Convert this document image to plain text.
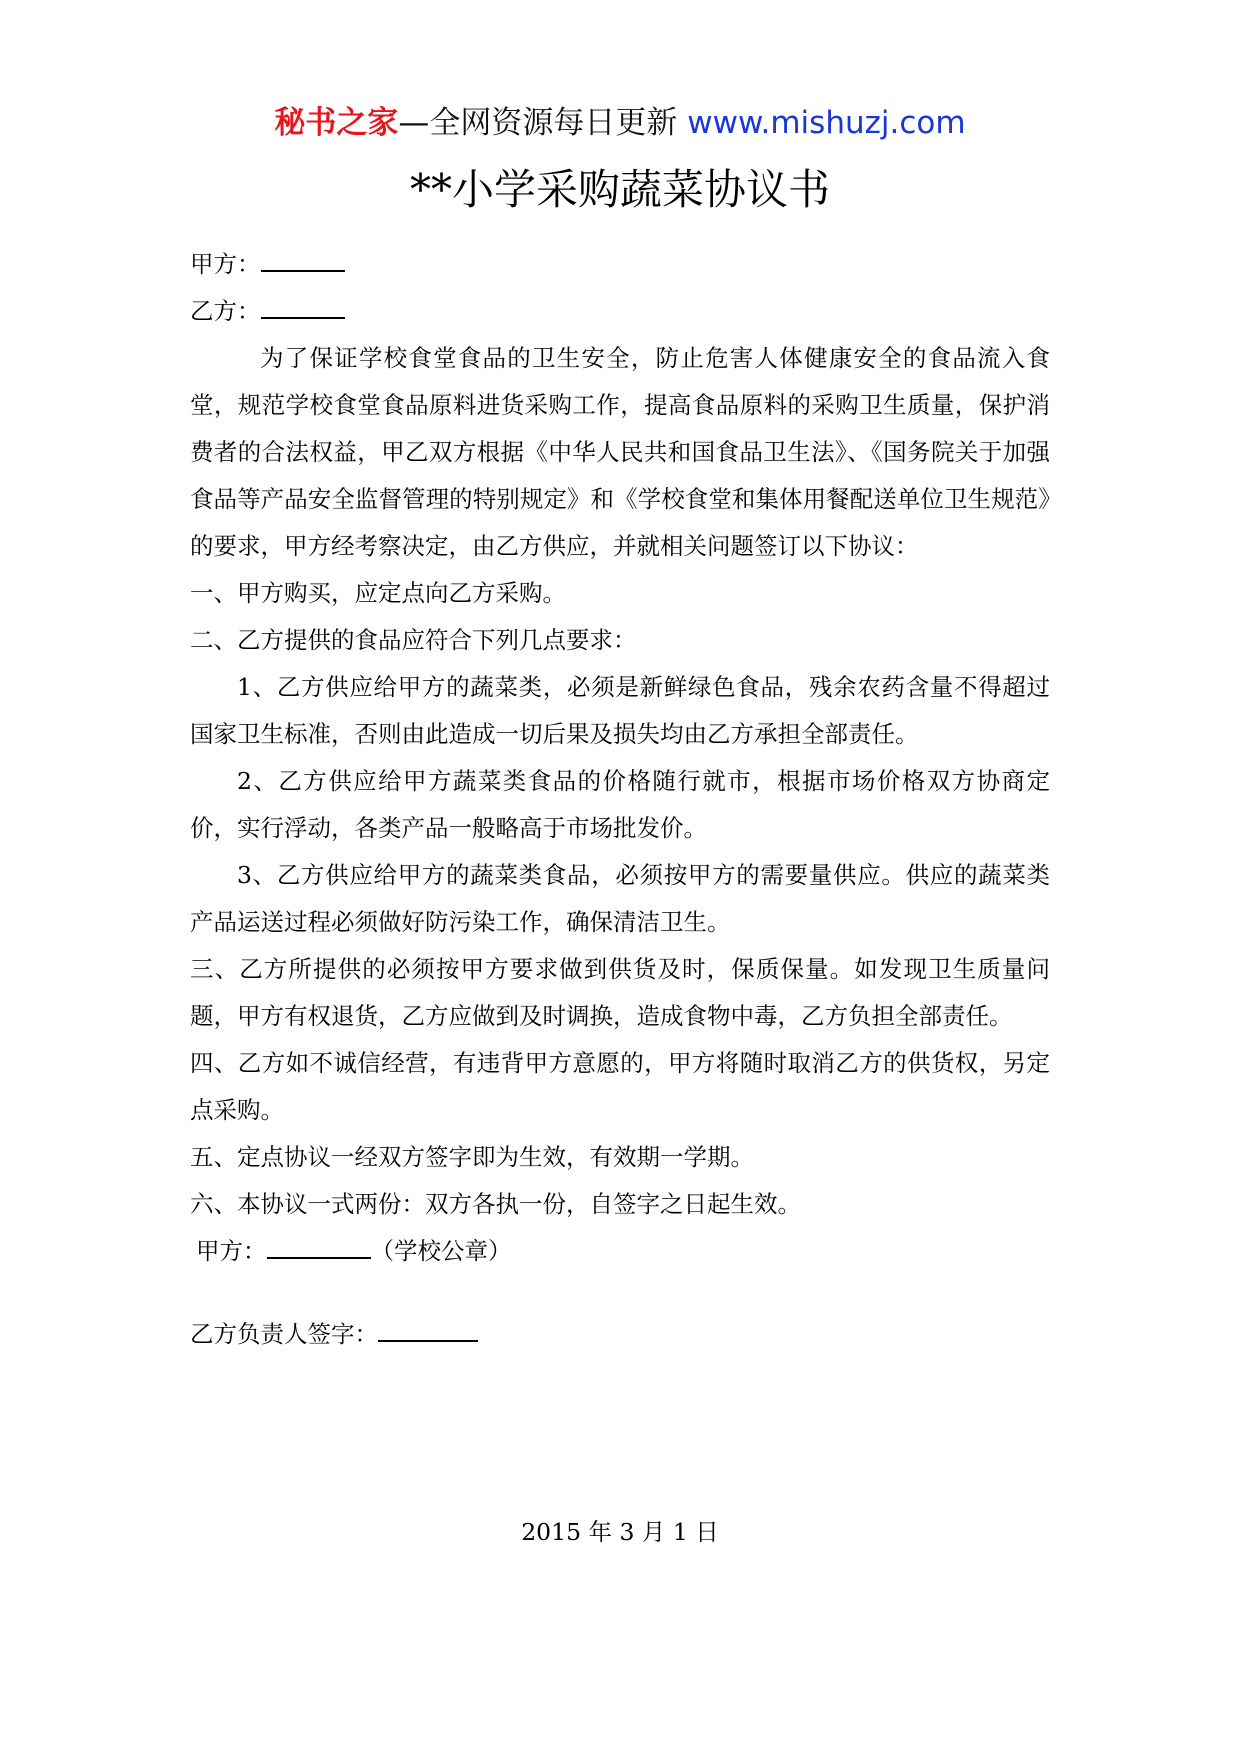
秘书之家—全网资源每日更新 www.mishuzj.com
**小学采购蔬菜协议书
甲方：
乙方：
为了保证学校食堂食品的卫生安全，防止危害人体健康安全的食品流入食堂，规范学校食堂食品原料进货采购工作，提高食品原料的采购卫生质量，保护消费者的合法权益，甲乙双方根据《中华人民共和国食品卫生法》、《国务院关于加强食品等产品安全监督管理的特别规定》和《学校食堂和集体用餐配送单位卫生规范》的要求，甲方经考察决定，由乙方供应，并就相关问题签订以下协议：
一、甲方购买，应定点向乙方采购。
二、乙方提供的食品应符合下列几点要求：
1、乙方供应给甲方的蔬菜类，必须是新鲜绿色食品，残余农药含量不得超过国家卫生标准，否则由此造成一切后果及损失均由乙方承担全部责任。
2、乙方供应给甲方蔬菜类食品的价格随行就市，根据市场价格双方协商定价，实行浮动，各类产品一般略高于市场批发价。
3、乙方供应给甲方的蔬菜类食品，必须按甲方的需要量供应。供应的蔬菜类产品运送过程必须做好防污染工作，确保清洁卫生。
三、乙方所提供的必须按甲方要求做到供货及时，保质保量。如发现卫生质量问题，甲方有权退货，乙方应做到及时调换，造成食物中毒，乙方负担全部责任。
四、乙方如不诚信经营，有违背甲方意愿的，甲方将随时取消乙方的供货权，另定点采购。
五、定点协议一经双方签字即为生效，有效期一学期。
六、本协议一式两份：双方各执一份，自签字之日起生效。
甲方：	（学校公章）
乙方负责人签字：
2015 年 3 月 1 日
